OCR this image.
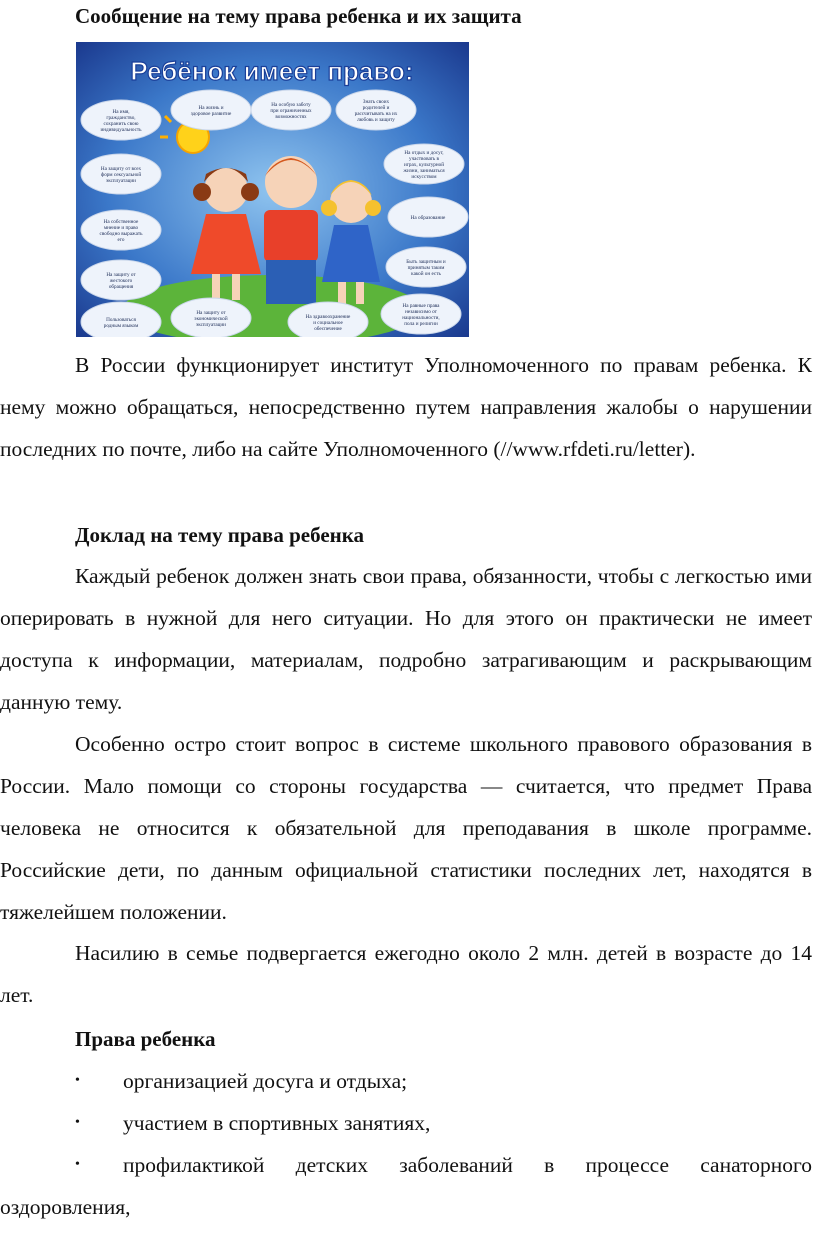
Сообщение на тему права ребенка и их защита
Ребёнок имеет право:
На имя,
гражданство,
сохранить свою
индивидуальность
На защиту от всех
форм сексуальной
эксплуатации
На собственное
мнение и право
свободно выражать
его
На защиту от
жестокого
обращения
Пользоваться
родным языком
На жизнь и
здоровое развитие
На особую заботу
при ограниченных
возможностях
Знать своих
родителей и
рассчитывать на их
любовь и защиту
На отдых и досуг,
участвовать в
играх, культурной
жизни, заниматься
искусством
На образование
Быть защитным и
принятым таким
какой он есть
На равные права
независимо от
национальности,
пола и религии
На защиту от
экономической
эксплуатации
На здравоохранение
и социальное
обеспечение

В России функционирует институт Уполномоченного по правам ребенка. К нему можно обращаться, непосредственно путем направления жалобы о нарушении последних по почте, либо на сайте Уполномоченного (//www.rfdeti.ru/letter).

Доклад на тему права ребенка

Каждый ребенок должен знать свои права, обязанности, чтобы с легкостью ими оперировать в нужной для него ситуации. Но для этого он практически не имеет доступа к информации, материалам, подробно затрагивающим и раскрывающим данную тему.

Особенно остро стоит вопрос в системе школьного правового образования в России. Мало помощи со стороны государства — считается, что предмет Права человека не относится к обязательной для преподавания в школе программе. Российские дети, по данным официальной статистики последних лет, находятся в тяжелейшем положении.

Насилию в семье подвергается ежегодно около 2 млн. детей в возрасте до 14 лет.

Права ребенка
• организацией досуга и отдыха;
• участием в спортивных занятиях,
• профилактикой детских заболеваний в процессе санаторного оздоровления,
